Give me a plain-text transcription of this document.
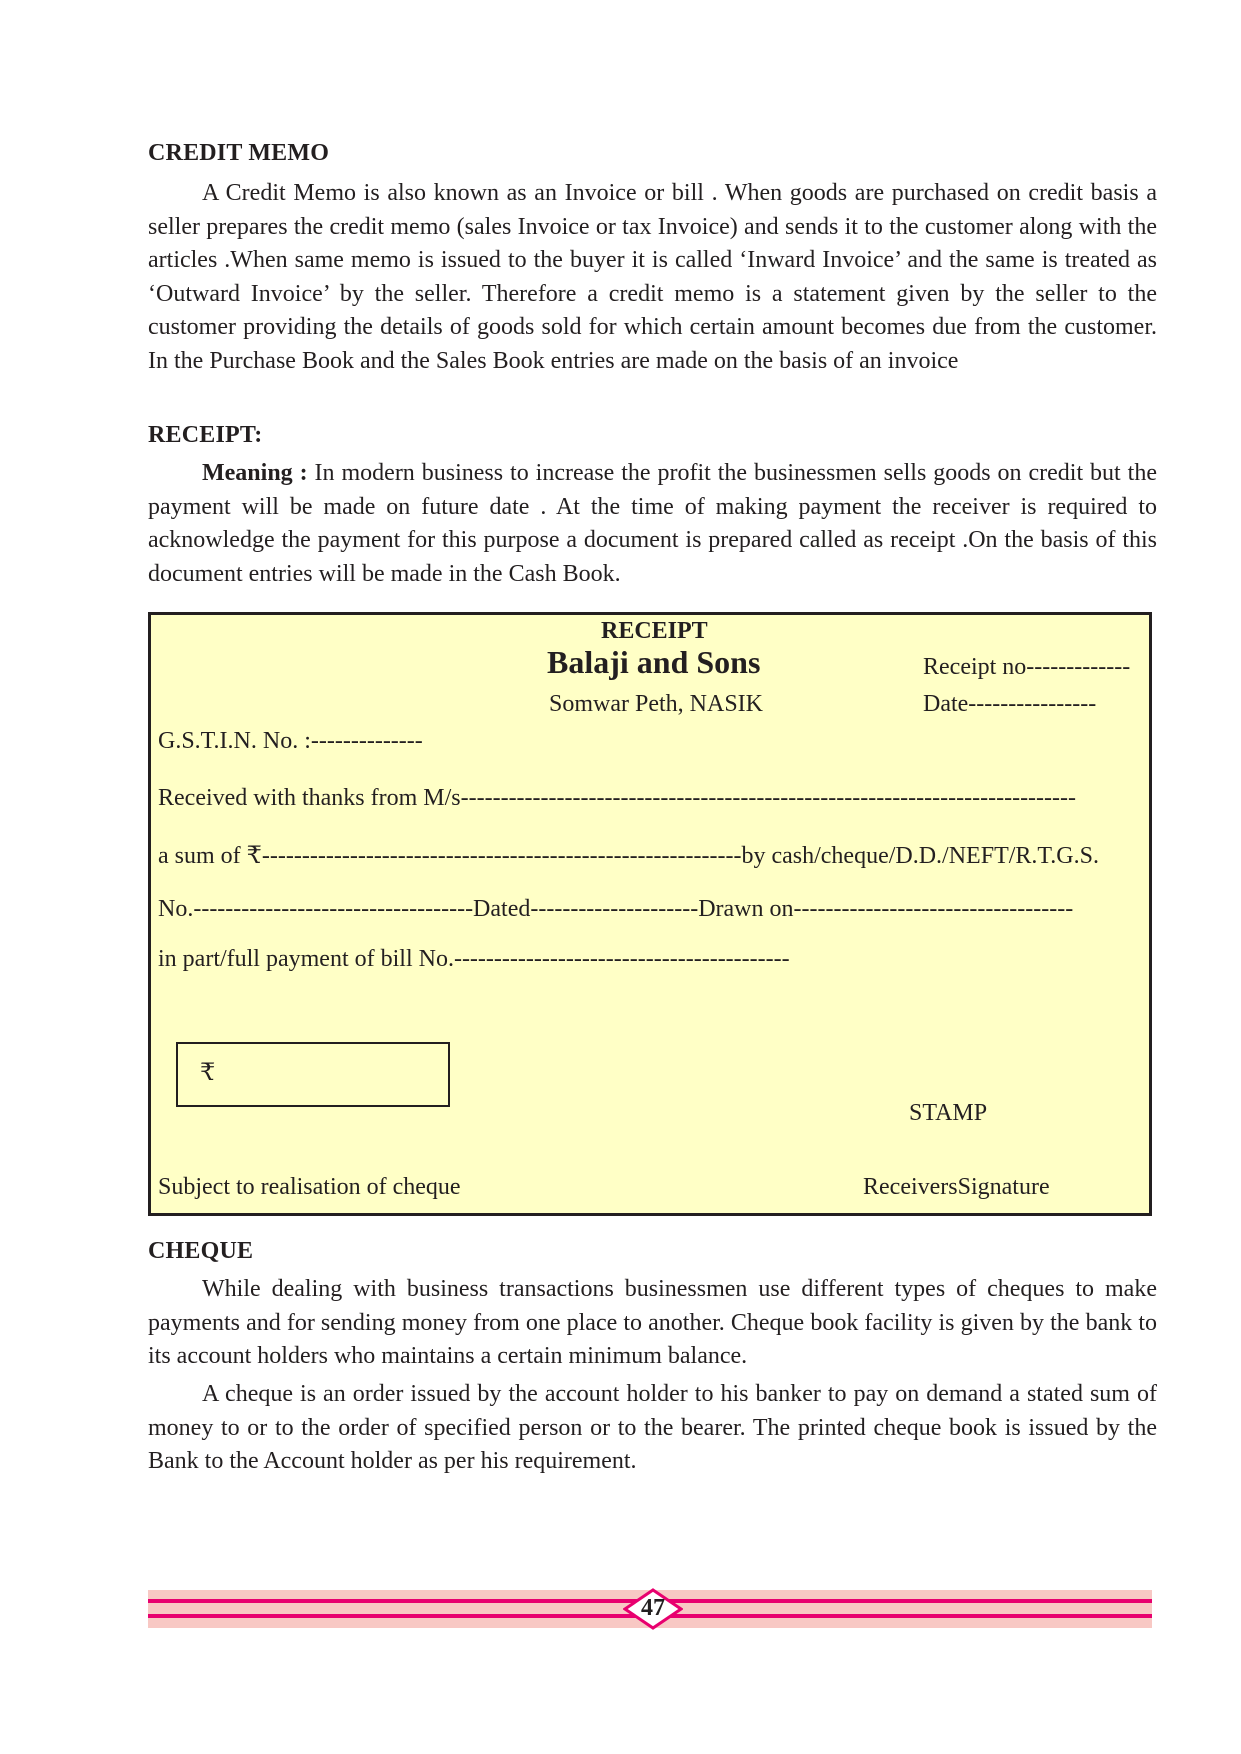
CREDIT MEMO

A Credit Memo is also known as an Invoice or bill . When goods are purchased on credit basis a seller prepares the credit memo (sales Invoice or tax Invoice) and sends it to the customer along with the articles .When same memo is issued to the buyer it is called ‘Inward Invoice’ and the same is treated as ‘Outward Invoice’ by the seller. Therefore a credit memo is a statement given by the seller to the customer providing the details of goods sold for which certain amount becomes due from the customer. In the Purchase Book and the Sales Book entries are made on the basis of an invoice

RECEIPT:

Meaning : In modern business to increase the profit the businessmen sells goods on credit but the payment will be made on future date . At the time of making payment the receiver is required to acknowledge the payment for this purpose a document is prepared called as receipt .On the basis of this document entries will be made in the Cash Book.

CHEQUE

While dealing with business transactions businessmen use different types of cheques to make payments and for sending money from one place to another. Cheque book facility is given by the bank to its account holders who maintains a certain minimum balance.

A cheque is an order issued by the account holder to his banker to pay on demand a stated sum of money to or to the order of specified person or to the bearer. The printed cheque book is issued by the Bank to the Account holder as per his requirement.

RECEIPT
Balaji and Sons
Somwar Peth, NASIK
Receipt no-------------
Date----------------
G.S.T.I.N. No. :--------------
Received with thanks from M/s-----------------------------------------------------------------------------
a sum of ₹------------------------------------------------------------by cash/cheque/D.D./NEFT/R.T.G.S.
No.-----------------------------------Dated---------------------Drawn on-----------------------------------
in part/full payment of bill No.------------------------------------------
₹
STAMP
Subject to realisation of cheque	ReceiversSignature
47
